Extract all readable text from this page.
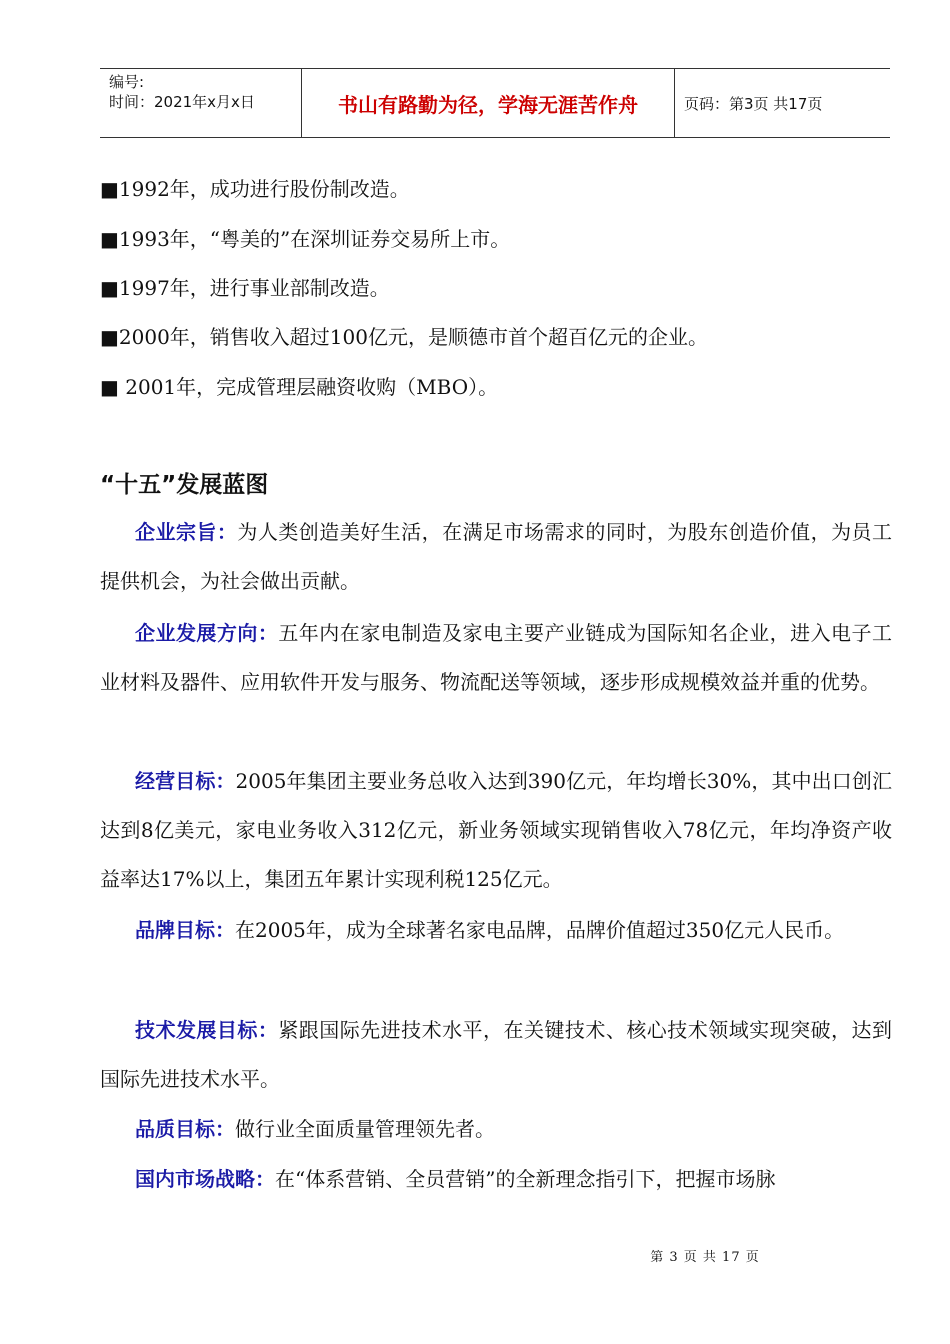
编号:
时间：2021年x月x日	书山有路勤为径，学海无涯苦作舟	页码：第3页 共17页
■1992年，成功进行股份制改造。
■1993年，“粤美的”在深圳证券交易所上市。
■1997年，进行事业部制改造。
■2000年，销售收入超过100亿元，是顺德市首个超百亿元的企业。
■ 2001年，完成管理层融资收购（MBO）。
“十五”发展蓝图
企业宗旨：为人类创造美好生活，在满足市场需求的同时，为股东创造价值，为员工提供机会，为社会做出贡献。
企业发展方向：五年内在家电制造及家电主要产业链成为国际知名企业，进入电子工业材料及器件、应用软件开发与服务、物流配送等领域，逐步形成规模效益并重的优势。
经营目标：2005年集团主要业务总收入达到390亿元，年均增长30%，其中出口创汇达到8亿美元，家电业务收入312亿元，新业务领域实现销售收入78亿元，年均净资产收益率达17%以上，集团五年累计实现利税125亿元。
品牌目标：在2005年，成为全球著名家电品牌，品牌价值超过350亿元人民币。
技术发展目标：紧跟国际先进技术水平，在关键技术、核心技术领域实现突破，达到国际先进技术水平。
品质目标：做行业全面质量管理领先者。
国内市场战略：在“体系营销、全员营销”的全新理念指引下，把握市场脉
第 3 页 共 17 页
